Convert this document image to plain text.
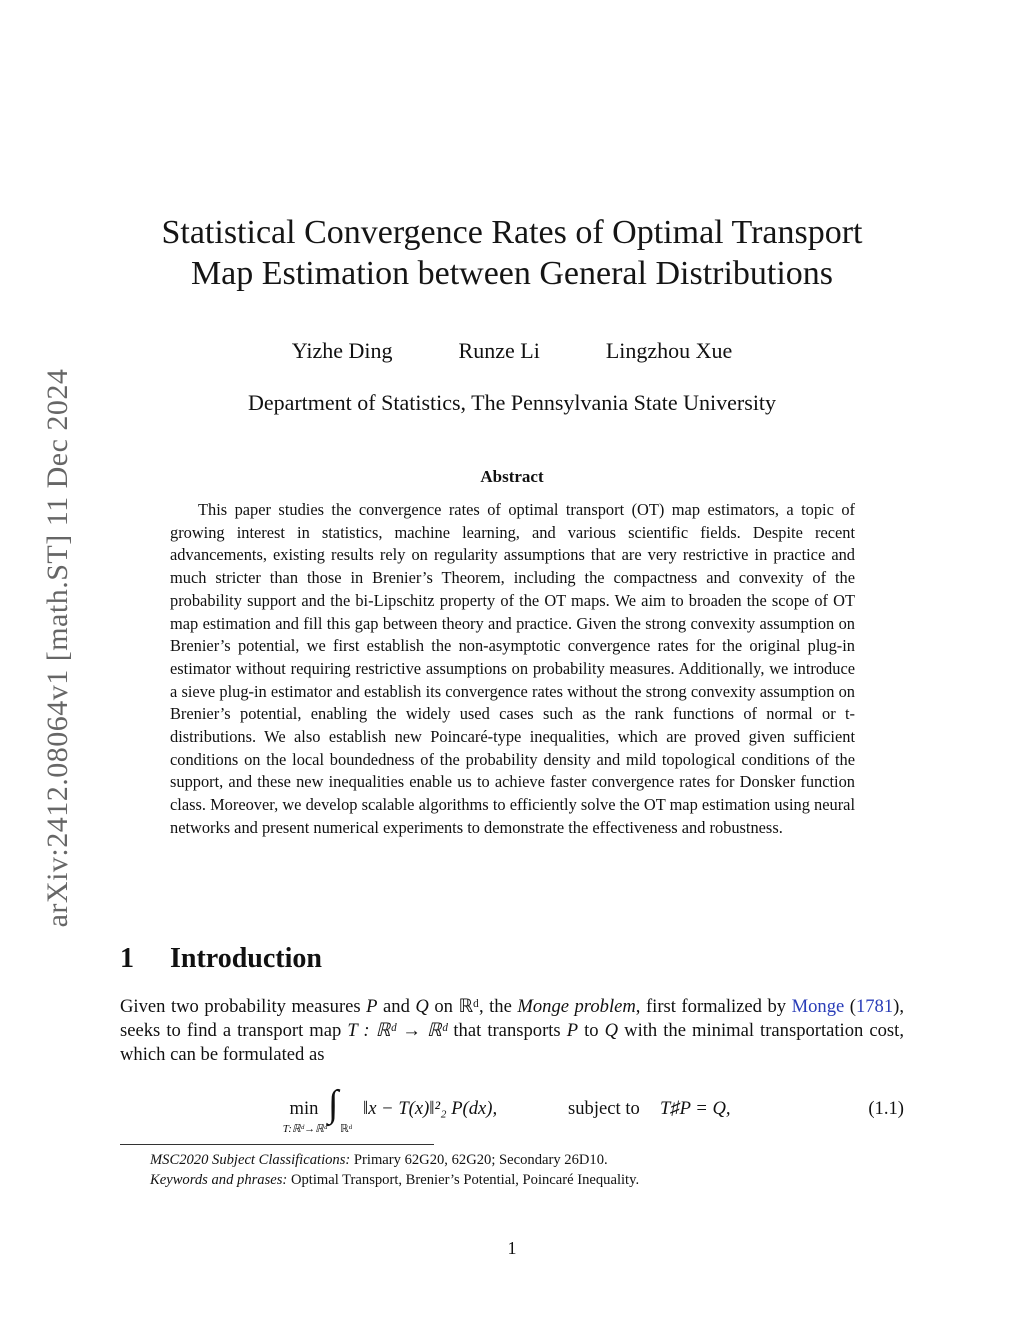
arXiv:2412.08064v1 [math.ST] 11 Dec 2024
Statistical Convergence Rates of Optimal Transport
Map Estimation between General Distributions
Yizhe Ding	Runze Li	Lingzhou Xue
Department of Statistics, The Pennsylvania State University
Abstract

This paper studies the convergence rates of optimal transport (OT) map estimators, a topic of growing interest in statistics, machine learning, and various scientific fields. Despite recent advancements, existing results rely on regularity assumptions that are very restrictive in practice and much stricter than those in Brenier’s Theorem, including the compactness and convexity of the probability support and the bi-Lipschitz property of the OT maps. We aim to broaden the scope of OT map estimation and fill this gap between theory and practice. Given the strong convexity assumption on Brenier’s potential, we first establish the non-asymptotic convergence rates for the original plug-in estimator without requiring restrictive assumptions on probability measures. Additionally, we introduce a sieve plug-in estimator and establish its convergence rates without the strong convexity assumption on Brenier’s potential, enabling the widely used cases such as the rank functions of normal or t-distributions. We also establish new Poincaré-type inequalities, which are proved given sufficient conditions on the local boundedness of the probability density and mild topological conditions of the support, and these new inequalities enable us to achieve faster convergence rates for Donsker function class. Moreover, we develop scalable algorithms to efficiently solve the OT map estimation using neural networks and present numerical experiments to demonstrate the effectiveness and robustness.

1 Introduction

Given two probability measures P and Q on ℝᵈ, the Monge problem, first formalized by Monge (1781), seeks to find a transport map T : ℝᵈ → ℝᵈ that transports P to Q with the minimal transportation cost, which can be formulated as

min
T:ℝᵈ→ℝᵈ
∫
ℝᵈ
‖x − T(x)‖²₂ P(dx),	subject to T♯P = Q,	(1.1)
MSC2020 Subject Classifications: Primary 62G20, 62G20; Secondary 26D10.
Keywords and phrases: Optimal Transport, Brenier’s Potential, Poincaré Inequality.
1
